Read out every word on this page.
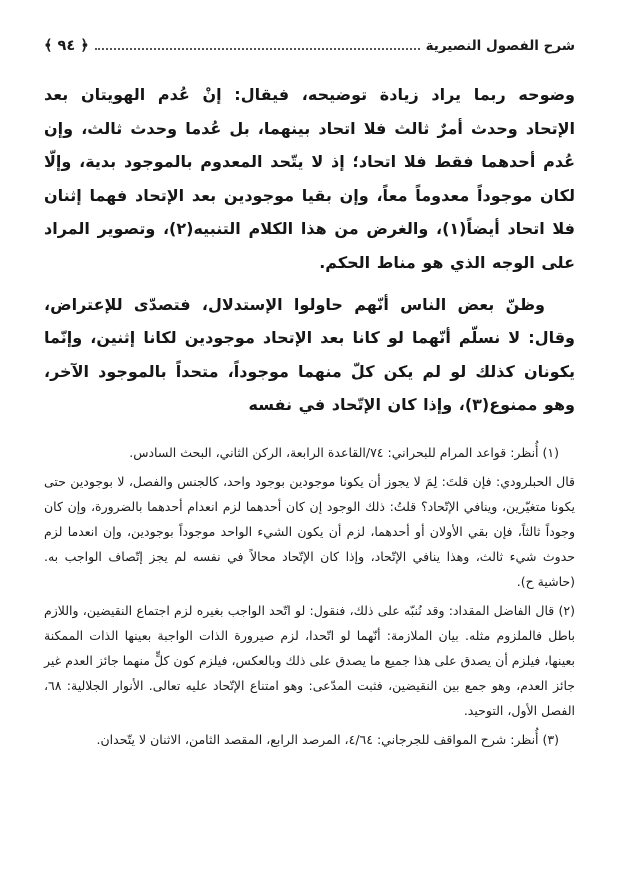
شرح الفصول النصيرية
﴿ ٩٤ ﴾

وضوحه ربما يراد زيادة توضيحه، فيقال: إنْ عُدم الهويتان بعد الإتحاد وحدث أمرٌ ثالث فلا اتحاد بينهما، بل عُدما وحدث ثالث، وإن عُدم أحدهما فقط فلا اتحاد؛ إذ لا يتّحد المعدوم بالموجود بدية، وإلّا لكان موجوداً معدوماً معاً، وإن بقيا موجودين بعد الإتحاد فهما إثنان فلا اتحاد أيضاً(١)، والغرض من هذا الكلام التنبيه(٢)، وتصوير المراد على الوجه الذي هو مناط الحكم.

وظنّ بعض الناس أنّهم حاولوا الإستدلال، فتصدّى للإعتراض، وقال: لا نسلّم أنّهما لو كانا بعد الإتحاد موجودين لكانا إثنين، وإنّما يكونان كذلك لو لم يكن كلّ منهما موجوداً، متحداً بالموجود الآخر، وهو ممنوع(٣)، وإذا كان الإتّحاد في نفسه

(١) أُنظر: قواعد المرام للبحراني: ٧٤/القاعدة الرابعة، الركن الثاني، البحث السادس.

قال الحبلرودي: فإن قلتَ: لِمَ لا يجوز أن يكونا موجودين بوجود واحد، كالجنس والفصل، لا بوجودين حتى يكونا متغيّرين، وينافي الإتّحاد؟ قلتُ: ذلك الوجود إن كان أحدهما لزم انعدام أحدهما بالضرورة، وإن كان وجوداً ثالثاً، فإن بقي الأولان أو أحدهما، لزم أن يكون الشيء الواحد موجوداً بوجودين، وإن انعدما لزم حدوث شيء ثالث، وهذا ينافي الإتّحاد، وإذا كان الإتّحاد محالاً في نفسه لم يجز إتّصاف الواجب به. (حاشية ح).

(٢) قال الفاضل المقداد: وقد نُنبّه على ذلك، فنقول: لو اتّحد الواجب بغيره لزم اجتماع النقيضين، واللازم باطل فالملزوم مثله. بيان الملازمة: أنّهما لو اتّحدا، لزم صيرورة الذات الواجبة بعينها الذات الممكنة بعينها، فيلزم أن يصدق على هذا جميع ما يصدق على ذلك وبالعكس، فيلزم كون كلٍّ منهما جائز العدم غير جائز العدم، وهو جمع بين النقيضين، فثبت المدّعى: وهو امتناع الإتّحاد عليه تعالى. الأنوار الجلالية: ٦٨، الفصل الأول، التوحيد.

(٣) أُنظر: شرح المواقف للجرجاني: ٤/٦٤، المرصد الرابع، المقصد الثامن، الاثنان لا يتّحدان.
